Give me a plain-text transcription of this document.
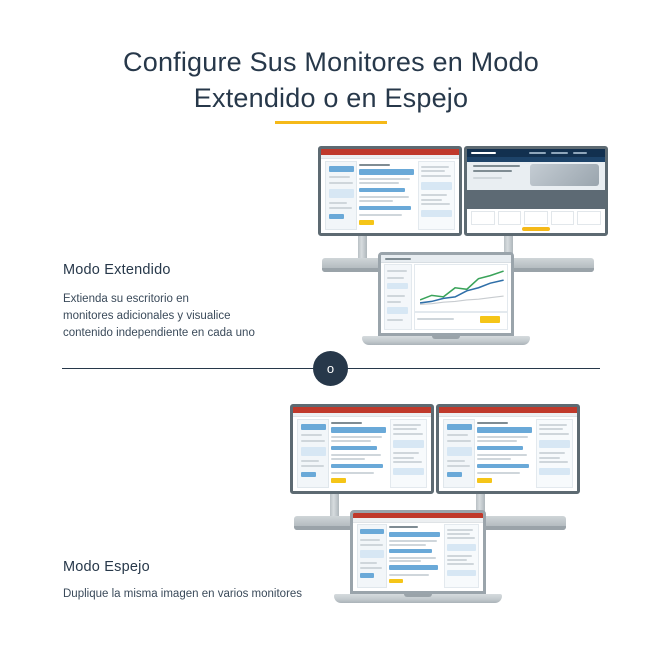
Configure Sus Monitores en Modo
Extendido o en Espejo
Modo Extendido
Extienda su escritorio en
monitores adicionales y visualice
contenido independiente en cada uno
o
Modo Espejo
Duplique la misma imagen en varios monitores
